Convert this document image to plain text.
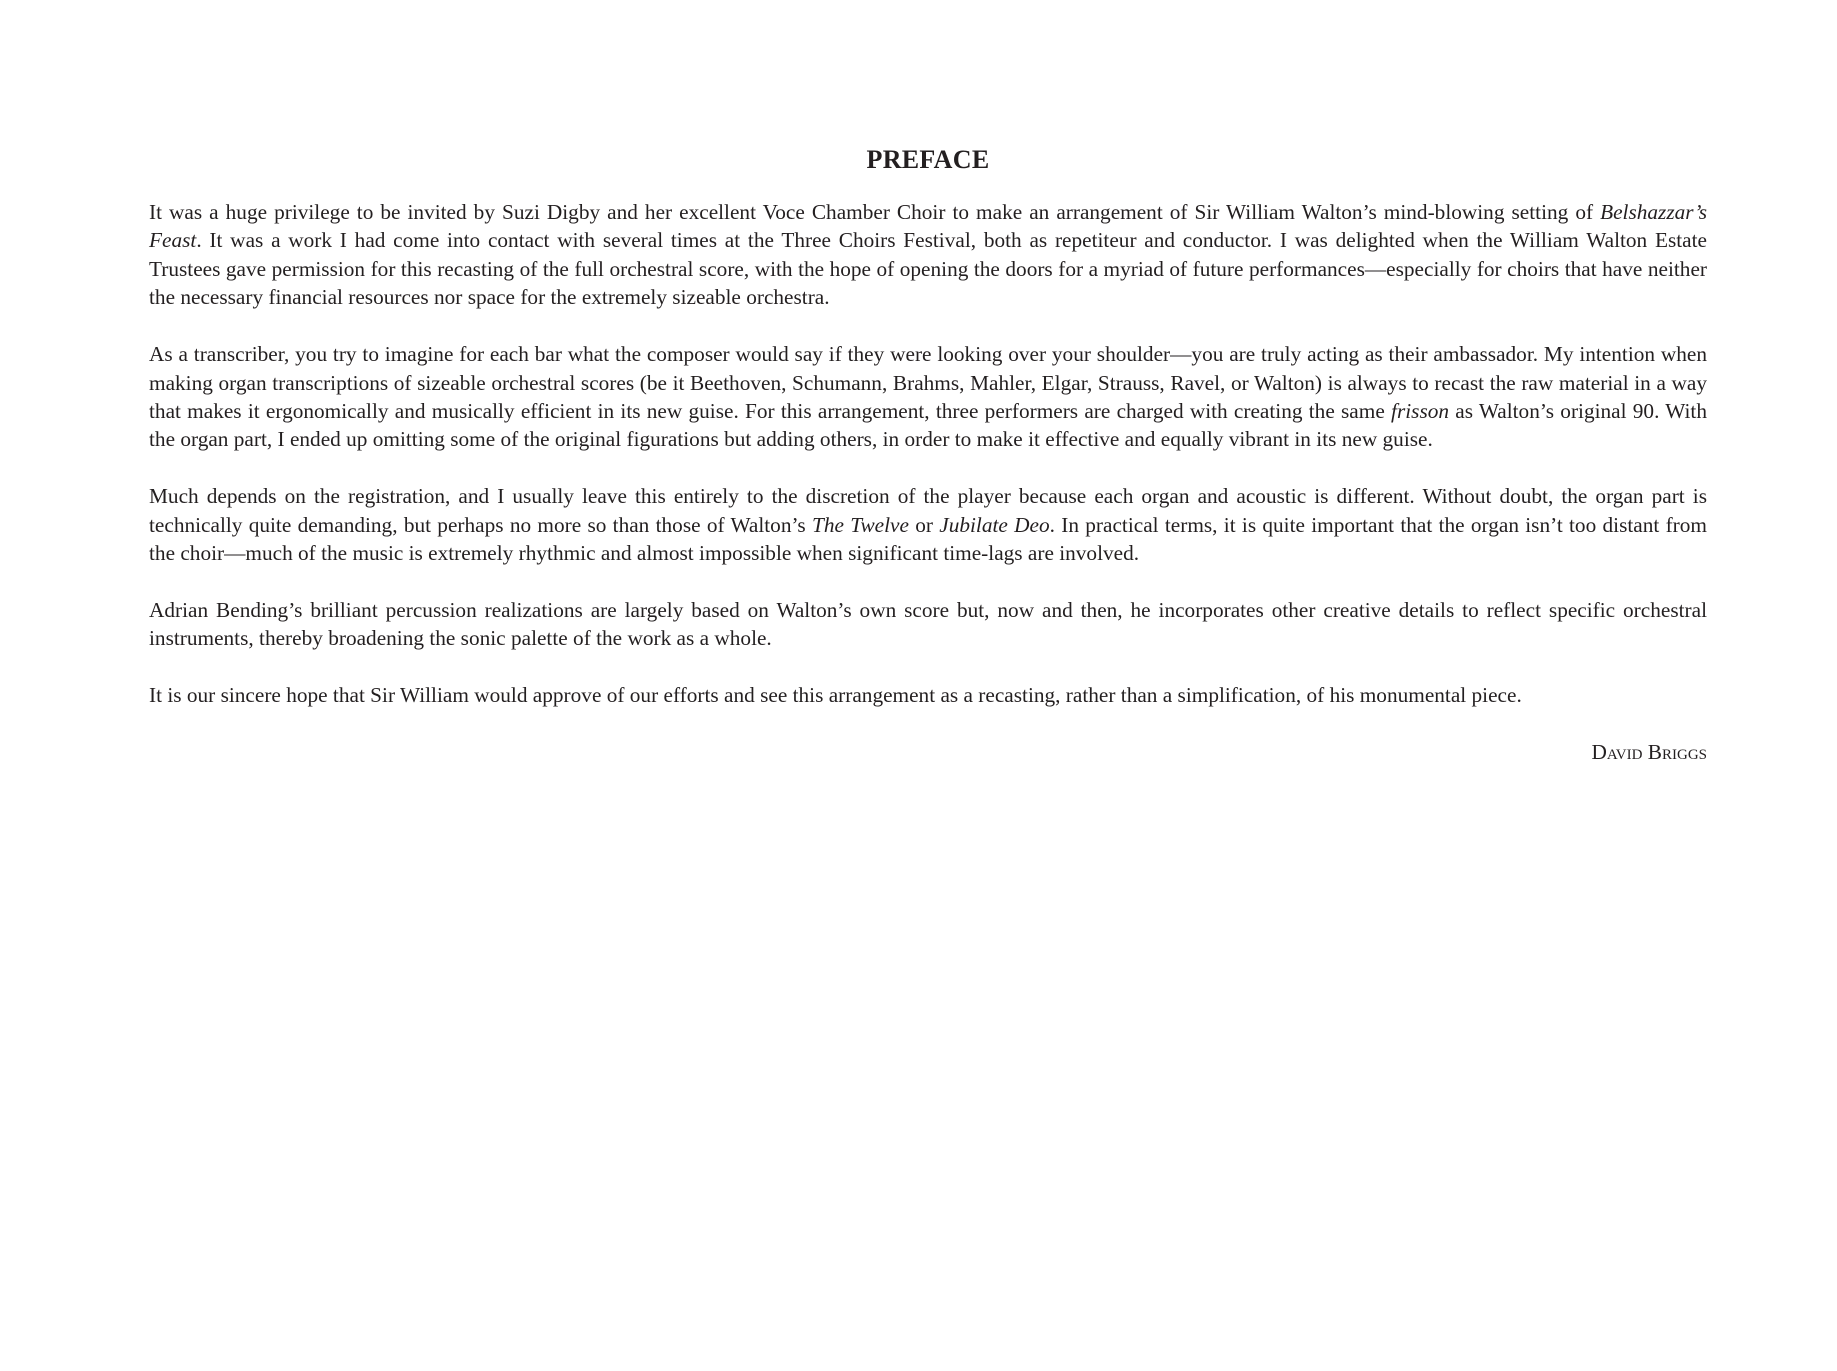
PREFACE

It was a huge privilege to be invited by Suzi Digby and her excellent Voce Chamber Choir to make an arrangement of Sir William Walton’s mind-blowing setting of Belshazzar’s Feast. It was a work I had come into contact with several times at the Three Choirs Festival, both as repetiteur and conductor. I was delighted when the William Walton Estate Trustees gave permission for this recasting of the full orchestral score, with the hope of opening the doors for a myriad of future performances—especially for choirs that have neither the necessary financial resources nor space for the extremely sizeable orchestra.

As a transcriber, you try to imagine for each bar what the composer would say if they were looking over your shoulder—you are truly acting as their ambassador. My intention when making organ transcriptions of sizeable orchestral scores (be it Beethoven, Schumann, Brahms, Mahler, Elgar, Strauss, Ravel, or Walton) is always to recast the raw material in a way that makes it ergonomically and musically efficient in its new guise. For this arrangement, three performers are charged with creating the same frisson as Walton’s original 90. With the organ part, I ended up omitting some of the original figurations but adding others, in order to make it effective and equally vibrant in its new guise.

Much depends on the registration, and I usually leave this entirely to the discretion of the player because each organ and acoustic is different. Without doubt, the organ part is technically quite demanding, but perhaps no more so than those of Walton’s The Twelve or Jubilate Deo. In practical terms, it is quite important that the organ isn’t too distant from the choir—much of the music is extremely rhythmic and almost impossible when significant time-lags are involved.

Adrian Bending’s brilliant percussion realizations are largely based on Walton’s own score but, now and then, he incorporates other creative details to reflect specific orchestral instruments, thereby broadening the sonic palette of the work as a whole.

It is our sincere hope that Sir William would approve of our efforts and see this arrangement as a recasting, rather than a simplification, of his monumental piece.

David Briggs
